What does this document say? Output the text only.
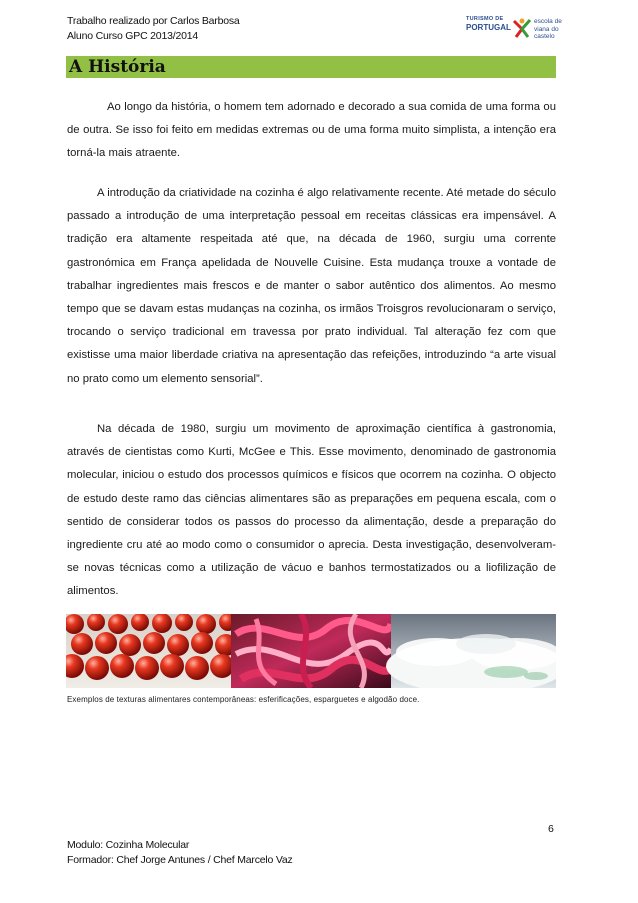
Trabalho realizado por Carlos Barbosa
Aluno Curso GPC 2013/2014
TURISMO DE
PORTUGAL
escola de
viana do castelo
A História

Ao longo da história, o homem tem adornado e decorado a sua comida de uma forma ou de outra. Se isso foi feito em medidas extremas ou de uma forma muito simplista, a intenção era torná-la mais atraente.

A introdução da criatividade na cozinha é algo relativamente recente. Até metade do século passado a introdução de uma interpretação pessoal em receitas clássicas era impensável. A tradição era altamente respeitada até que, na década de 1960, surgiu uma corrente gastronómica em França apelidada de Nouvelle Cuisine. Esta mudança trouxe a vontade de trabalhar ingredientes mais frescos e de manter o sabor autêntico dos alimentos. Ao mesmo tempo que se davam estas mudanças na cozinha, os irmãos Troisgros revolucionaram o serviço, trocando o serviço tradicional em travessa por prato individual. Tal alteração fez com que existisse uma maior liberdade criativa na apresentação das refeições, introduzindo “a arte visual no prato como um elemento sensorial”.

Na década de 1980, surgiu um movimento de aproximação científica à gastronomia, através de cientistas como Kurti, McGee e This. Esse movimento, denominado de gastronomia molecular, iniciou o estudo dos processos químicos e físicos que ocorrem na cozinha. O objecto de estudo deste ramo das ciências alimentares são as preparações em pequena escala, com o sentido de considerar todos os passos do processo da alimentação, desde a preparação do ingrediente cru até ao modo como o consumidor o aprecia. Desta investigação, desenvolveram-se novas técnicas como a utilização de vácuo e banhos termostatizados ou a liofilização de alimentos.

Exemplos de texturas alimentares contemporâneas: esferificações, esparguetes e algodão doce.
6
Modulo: Cozinha Molecular
Formador: Chef Jorge Antunes / Chef Marcelo Vaz
